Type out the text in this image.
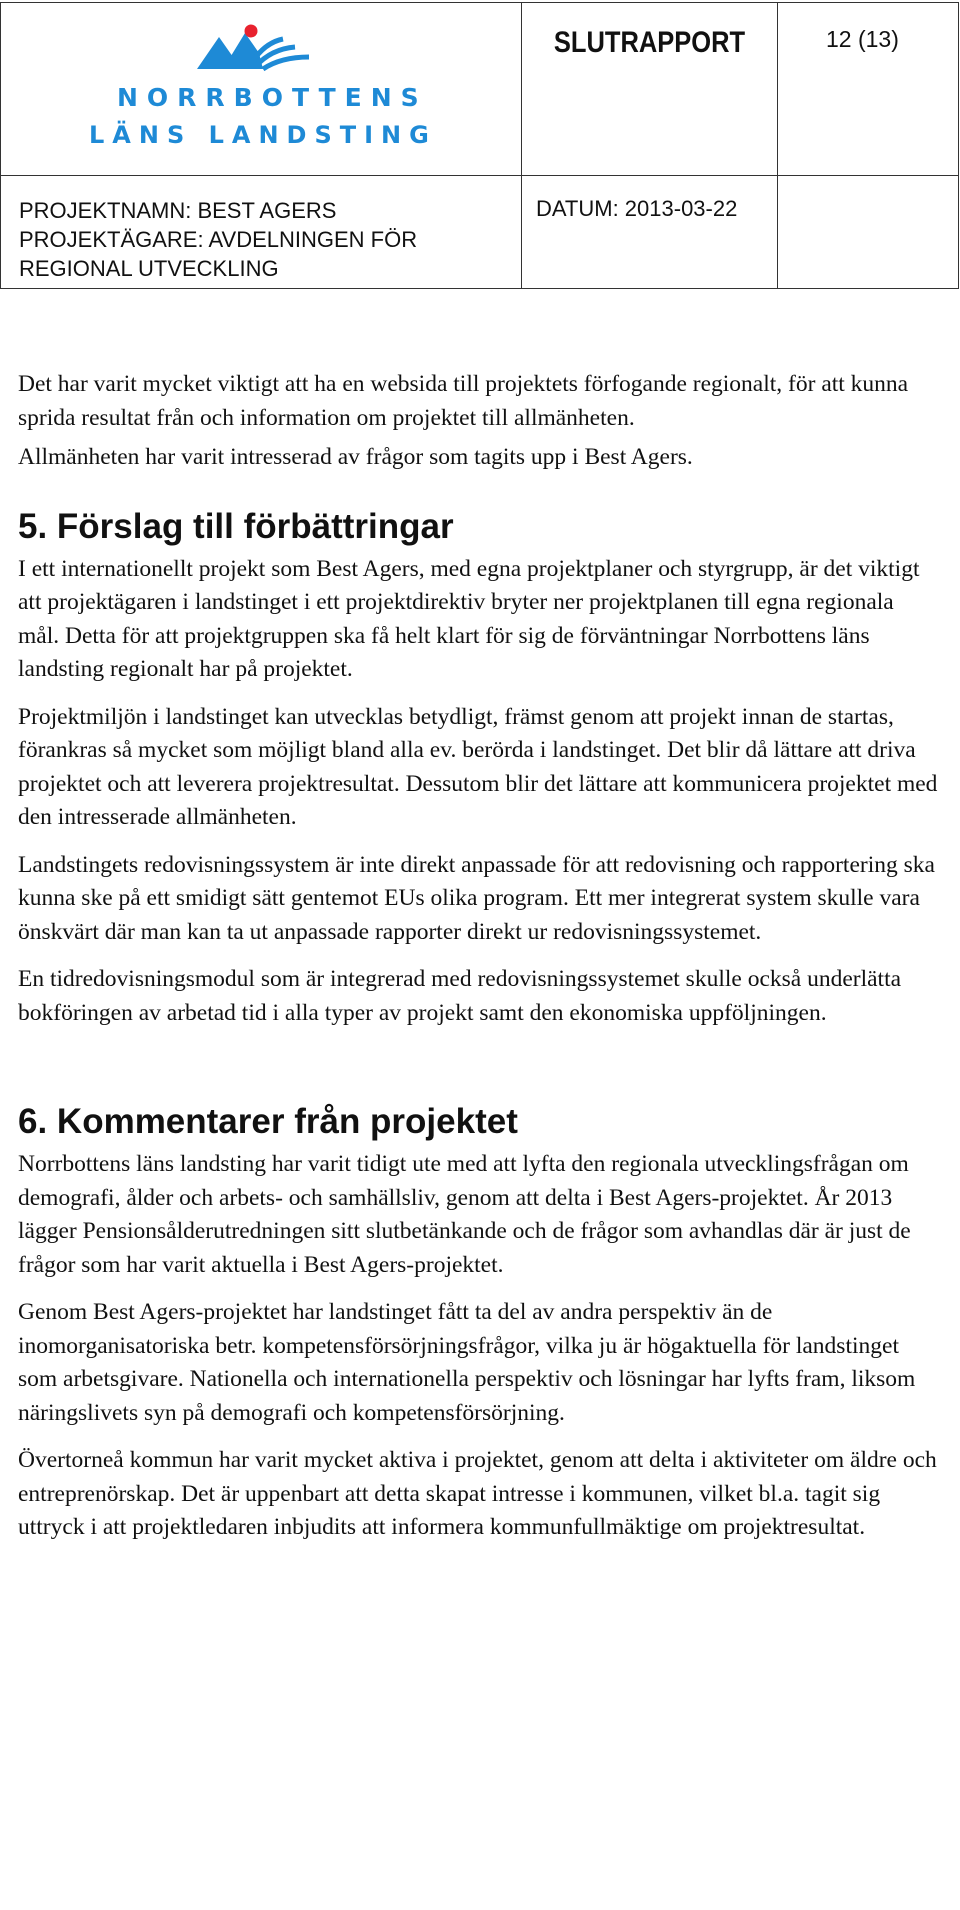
NORRBOTTENS
LÄNS LANDSTING	SLUTRAPPORT	12 (13)

PROJEKTNAMN: BEST AGERS
PROJEKTÄGARE: AVDELNINGEN FÖR
REGIONAL UTVECKLING	DATUM: 2013-03-22	

Det har varit mycket viktigt att ha en websida till projektets förfogande regionalt, för att kunna sprida resultat från och information om projektet till allmänheten.

Allmänheten har varit intresserad av frågor som tagits upp i Best Agers.

5. Förslag till förbättringar

I ett internationellt projekt som Best Agers, med egna projektplaner och styrgrupp, är det viktigt att projektägaren i landstinget i ett projektdirektiv bryter ner projektplanen till egna regionala mål. Detta för att projektgruppen ska få helt klart för sig de förväntningar Norrbottens läns landsting regionalt har på projektet.

Projektmiljön i landstinget kan utvecklas betydligt, främst genom att projekt innan de startas, förankras så mycket som möjligt bland alla ev. berörda i landstinget. Det blir då lättare att driva projektet och att leverera projektresultat. Dessutom blir det lättare att kommunicera projektet med den intresserade allmänheten.

Landstingets redovisningssystem är inte direkt anpassade för att redovisning och rapportering ska kunna ske på ett smidigt sätt gentemot EUs olika program. Ett mer integrerat system skulle vara önskvärt där man kan ta ut anpassade rapporter direkt ur redovisningssystemet.

En tidredovisningsmodul som är integrerad med redovisningssystemet skulle också underlätta bokföringen av arbetad tid i alla typer av projekt samt den ekonomiska uppföljningen.

6. Kommentarer från projektet

Norrbottens läns landsting har varit tidigt ute med att lyfta den regionala utvecklingsfrågan om demografi, ålder och arbets- och samhällsliv, genom att delta i Best Agers-projektet. År 2013 lägger Pensionsålderutredningen sitt slutbetänkande och de frågor som avhandlas där är just de frågor som har varit aktuella i Best Agers-projektet.

Genom Best Agers-projektet har landstinget fått ta del av andra perspektiv än de inomorganisatoriska betr. kompetensförsörjningsfrågor, vilka ju är högaktuella för landstinget som arbetsgivare. Nationella och internationella perspektiv och lösningar har lyfts fram, liksom näringslivets syn på demografi och kompetensförsörjning.

Övertorneå kommun har varit mycket aktiva i projektet, genom att delta i aktiviteter om äldre och entreprenörskap. Det är uppenbart att detta skapat intresse i kommunen, vilket bl.a. tagit sig uttryck i att projektledaren inbjudits att informera kommunfullmäktige om projektresultat.
